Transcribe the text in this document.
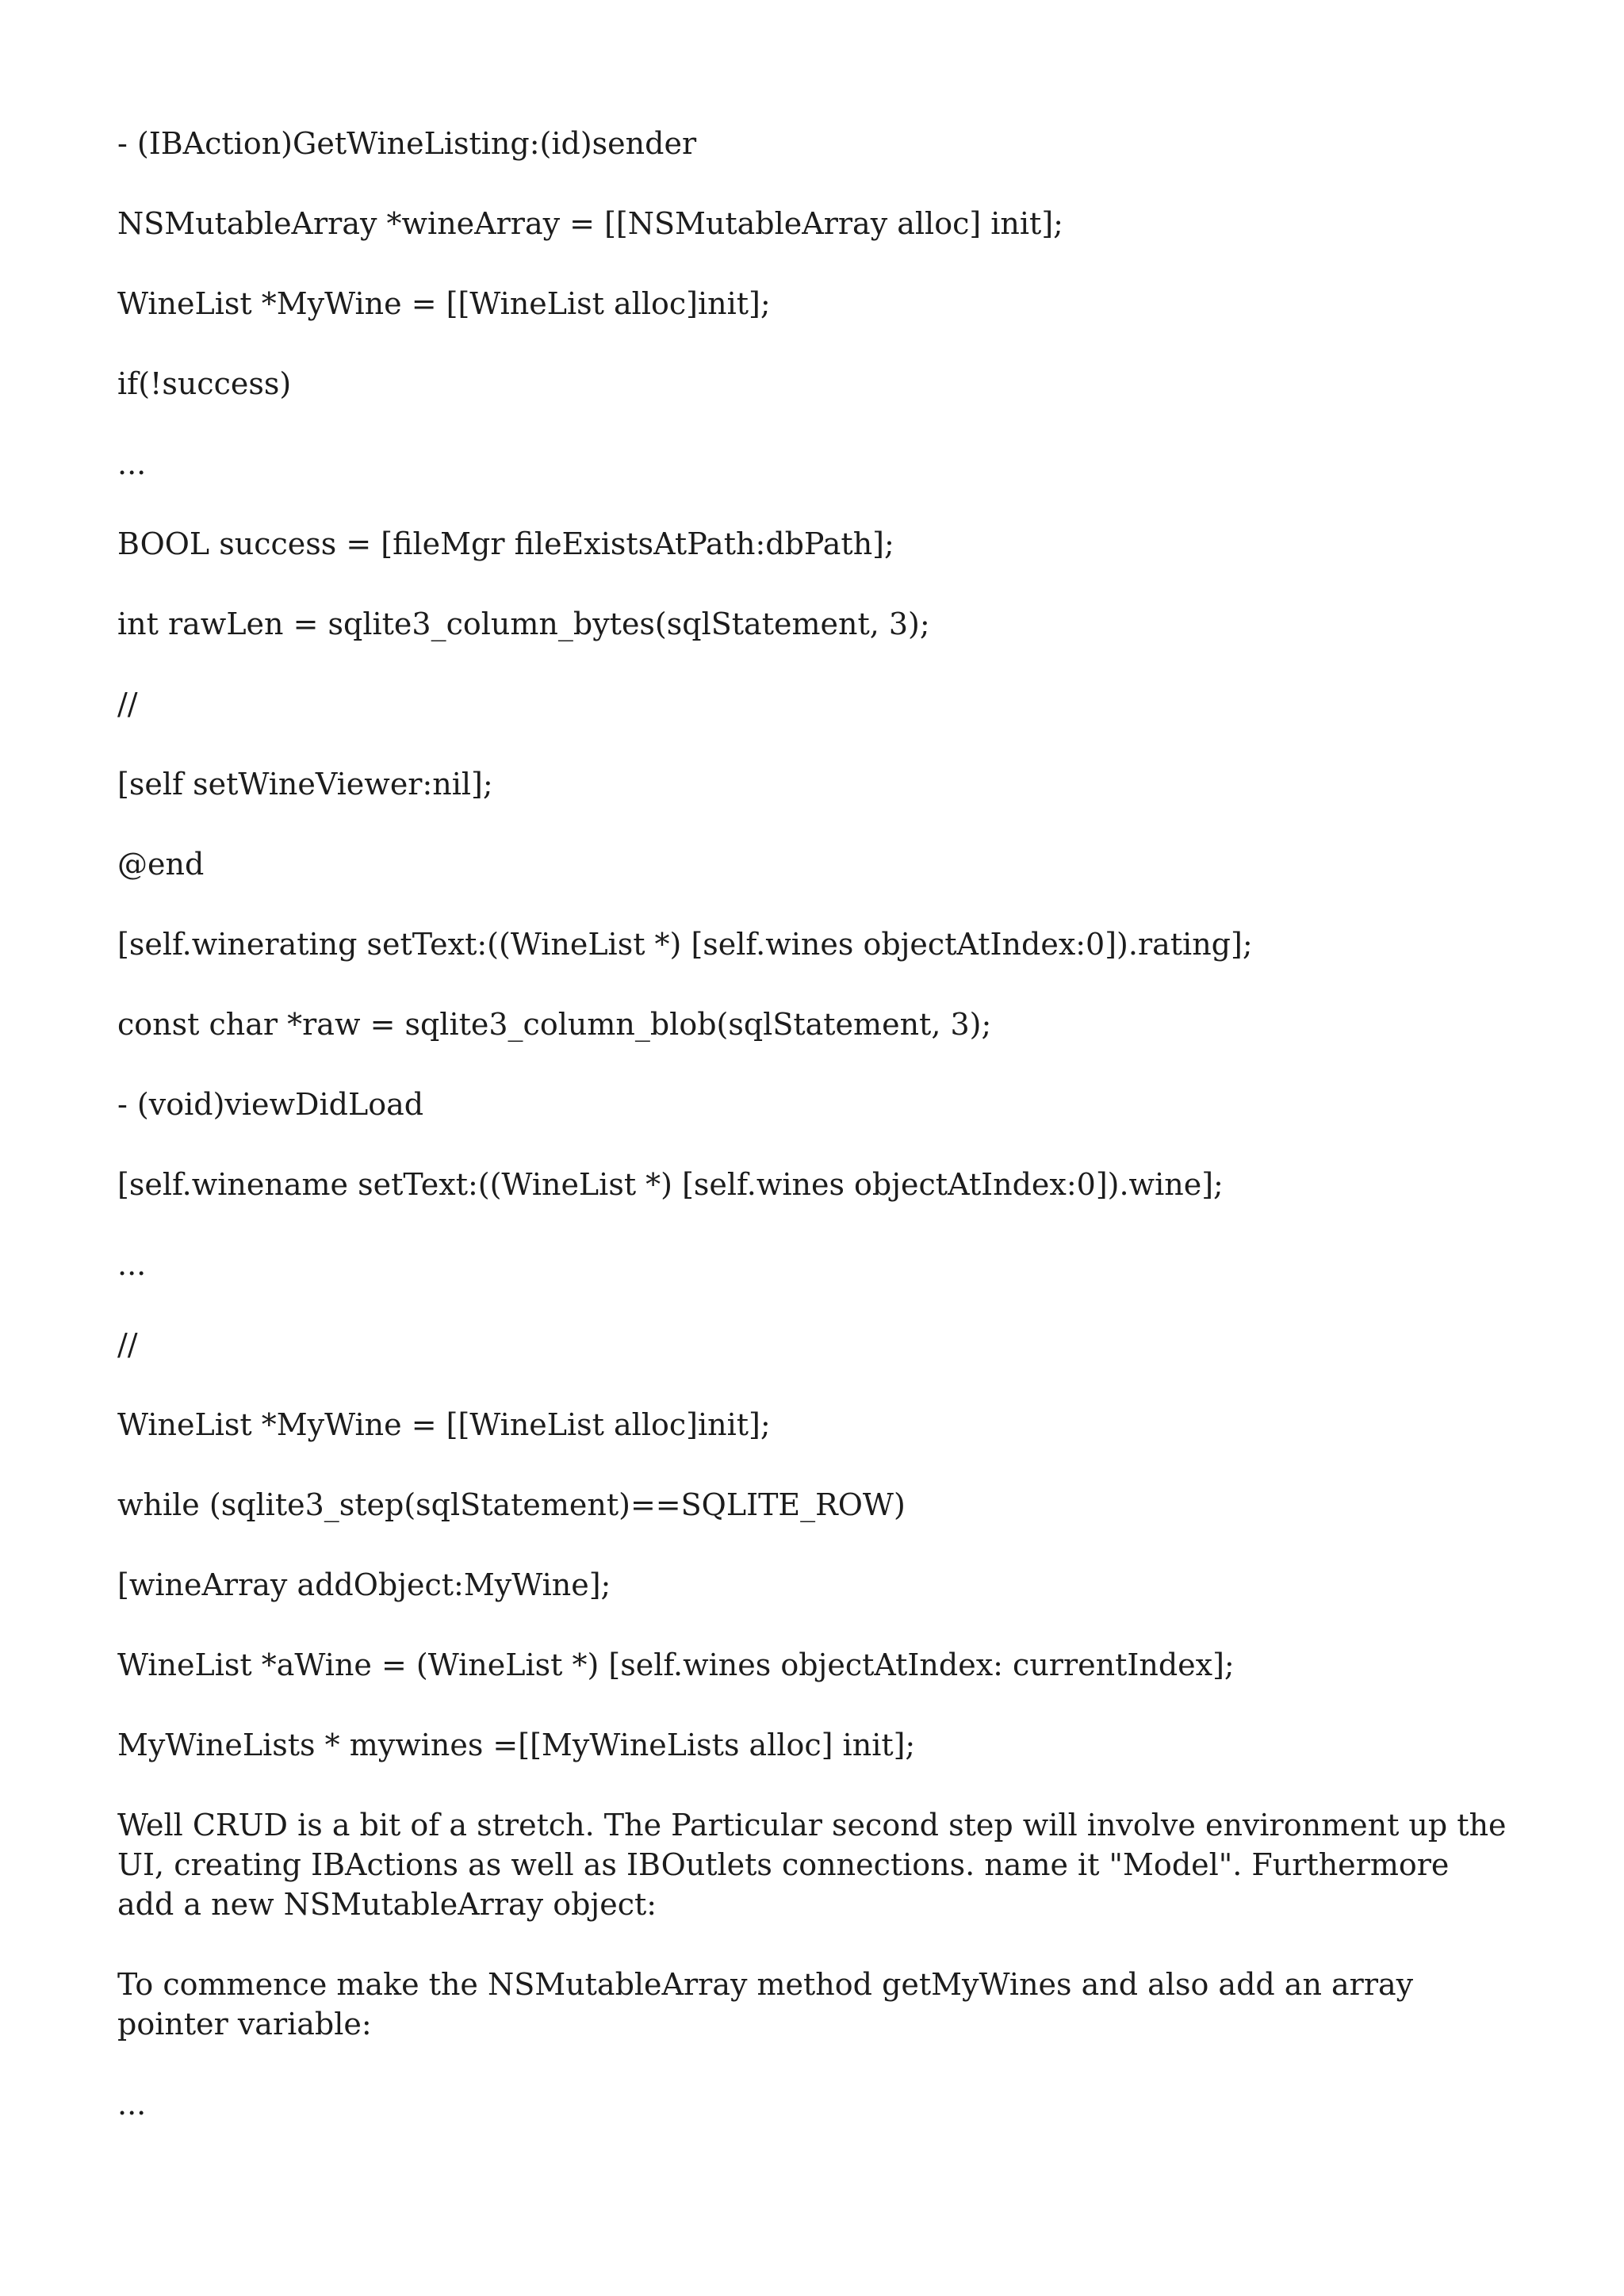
- (IBAction)GetWineListing:(id)sender

NSMutableArray *wineArray = [[NSMutableArray alloc] init];

WineList *MyWine = [[WineList alloc]init];

if(!success)

...

BOOL success = [fileMgr fileExistsAtPath:dbPath];

int rawLen = sqlite3_column_bytes(sqlStatement, 3);

//

[self setWineViewer:nil];

@end

[self.winerating setText:((WineList *) [self.wines objectAtIndex:0]).rating];

const char *raw = sqlite3_column_blob(sqlStatement, 3);

- (void)viewDidLoad

[self.winename setText:((WineList *) [self.wines objectAtIndex:0]).wine];

...

//

WineList *MyWine = [[WineList alloc]init];

while (sqlite3_step(sqlStatement)==SQLITE_ROW)

[wineArray addObject:MyWine];

WineList *aWine = (WineList *) [self.wines objectAtIndex: currentIndex];

MyWineLists * mywines =[[MyWineLists alloc] init];

Well CRUD is a bit of a stretch. The Particular second step will involve environment up the UI, creating IBActions as well as IBOutlets connections. name it "Model". Furthermore add a new NSMutableArray object:

To commence make the NSMutableArray method getMyWines and also add an array pointer variable:

...
